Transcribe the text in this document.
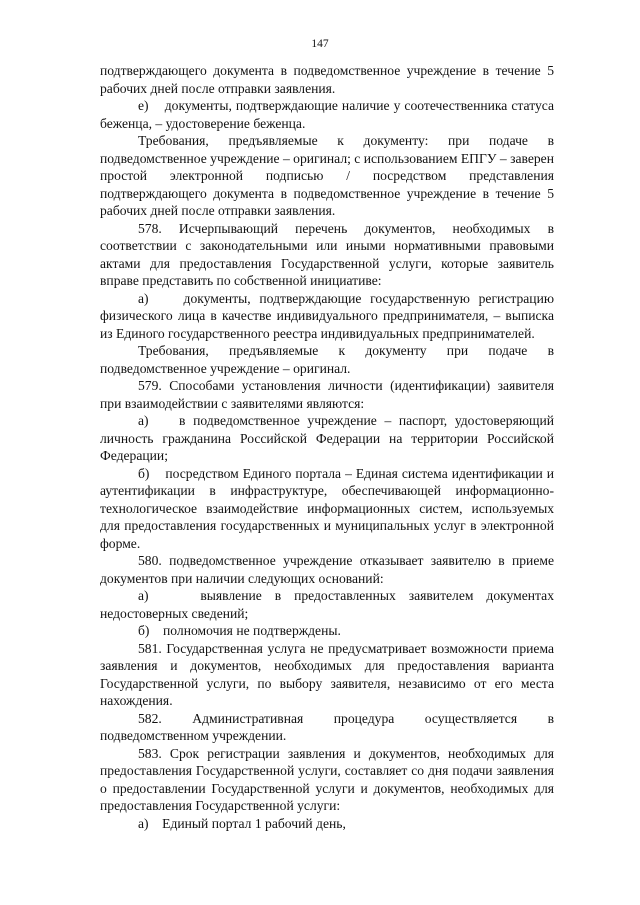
147

подтверждающего документа в подведомственное учреждение в течение 5 рабочих дней после отправки заявления.

е)    документы, подтверждающие наличие у соотечественника статуса беженца, – удостоверение беженца.

Требования, предъявляемые к документу: при подаче в подведомственное учреждение – оригинал; с использованием ЕПГУ – заверен простой электронной подписью / посредством представления подтверждающего документа в подведомственное учреждение в течение 5 рабочих дней после отправки заявления.

578. Исчерпывающий перечень документов, необходимых в соответствии с законодательными или иными нормативными правовыми актами для предоставления Государственной услуги, которые заявитель вправе представить по собственной инициативе:

а)    документы, подтверждающие государственную регистрацию физического лица в качестве индивидуального предпринимателя, – выписка из Единого государственного реестра индивидуальных предпринимателей.

Требования, предъявляемые к документу при подаче в подведомственное учреждение – оригинал.

579. Способами установления личности (идентификации) заявителя при взаимодействии с заявителями являются:

а)    в подведомственное учреждение – паспорт, удостоверяющий личность гражданина Российской Федерации на территории Российской Федерации;

б)    посредством Единого портала – Единая система идентификации и аутентификации в инфраструктуре, обеспечивающей информационно-технологическое взаимодействие информационных систем, используемых для предоставления государственных и муниципальных услуг в электронной форме.

580. подведомственное учреждение отказывает заявителю в приеме документов при наличии следующих оснований:

а)    выявление в предоставленных заявителем документах недостоверных сведений;

б)    полномочия не подтверждены.

581. Государственная услуга не предусматривает возможности приема заявления и документов, необходимых для предоставления варианта Государственной услуги, по выбору заявителя, независимо от его места нахождения.

582. Административная процедура осуществляется в подведомственном учреждении.

583. Срок регистрации заявления и документов, необходимых для предоставления Государственной услуги, составляет со дня подачи заявления о предоставлении Государственной услуги и документов, необходимых для предоставления Государственной услуги:

а)    Единый портал 1 рабочий день,
